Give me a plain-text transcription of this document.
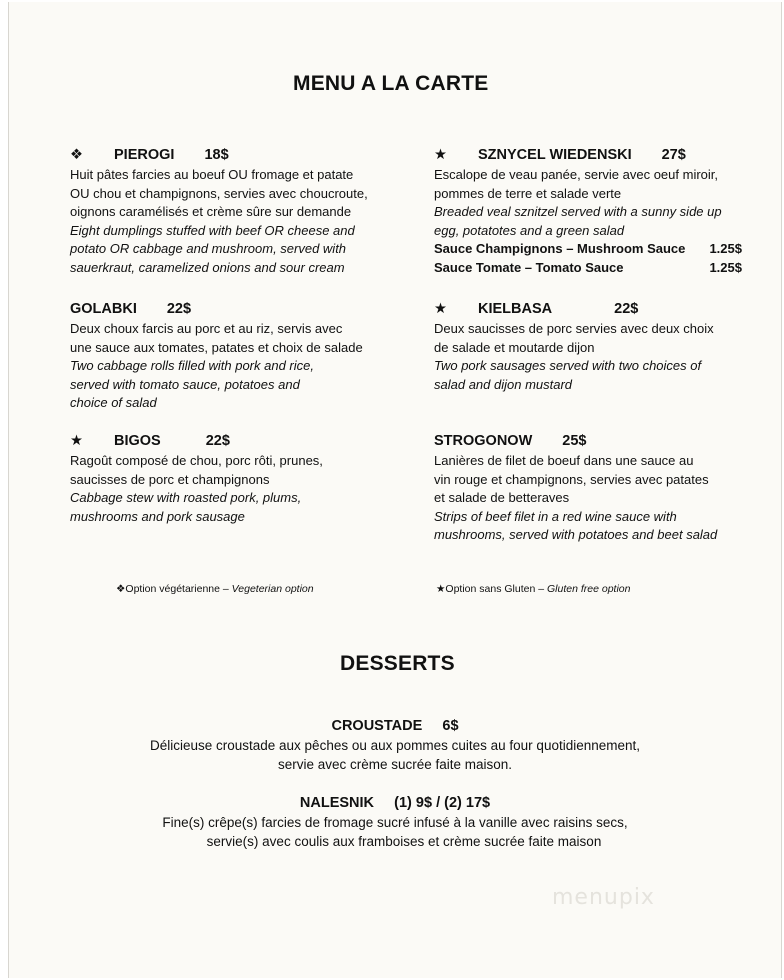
MENU A LA CARTE
❖ PIEROGI 18$
Huit pâtes farcies au boeuf OU fromage et patate
OU chou et champignons, servies avec choucroute,
oignons caramélisés et crème sûre sur demande
Eight dumplings stuffed with beef OR cheese and
potato OR cabbage and mushroom, served with
sauerkraut, caramelized onions and sour cream
★ SZNYCEL WIEDENSKI 27$
Escalope de veau panée, servie avec oeuf miroir,
pommes de terre et salade verte
Breaded veal sznitzel served with a sunny side up
egg, potatotes and a green salad
Sauce Champignons – Mushroom Sauce 1.25$
Sauce Tomate – Tomato Sauce	1.25$
GOLABKI 22$
Deux choux farcis au porc et au riz, servis avec
une sauce aux tomates, patates et choix de salade
Two cabbage rolls filled with pork and rice,
served with tomato sauce, potatoes and
choice of salad
★ KIELBASA	22$
Deux saucisses de porc servies avec deux choix
de salade et moutarde dijon
Two pork sausages served with two choices of
salad and dijon mustard
★ BIGOS	22$
Ragoût composé de chou, porc rôti, prunes,
saucisses de porc et champignons
Cabbage stew with roasted pork, plums,
mushrooms and pork sausage
STROGONOW 25$
Lanières de filet de boeuf dans une sauce au
vin rouge et champignons, servies avec patates
et salade de betteraves
Strips of beef filet in a red wine sauce with
mushrooms, served with potatoes and beet salad
❖Option végétarienne – Vegeterian option	★Option sans Gluten – Gluten free option
DESSERTS
CROUSTADE     6$
Délicieuse croustade aux pêches ou aux pommes cuites au four quotidiennement,
servie avec crème sucrée faite maison.
NALESNIK     (1) 9$ / (2) 17$
Fine(s) crêpe(s) farcies de fromage sucré infusé à la vanille avec raisins secs,
servie(s) avec coulis aux framboises et crème sucrée faite maison
menupix
